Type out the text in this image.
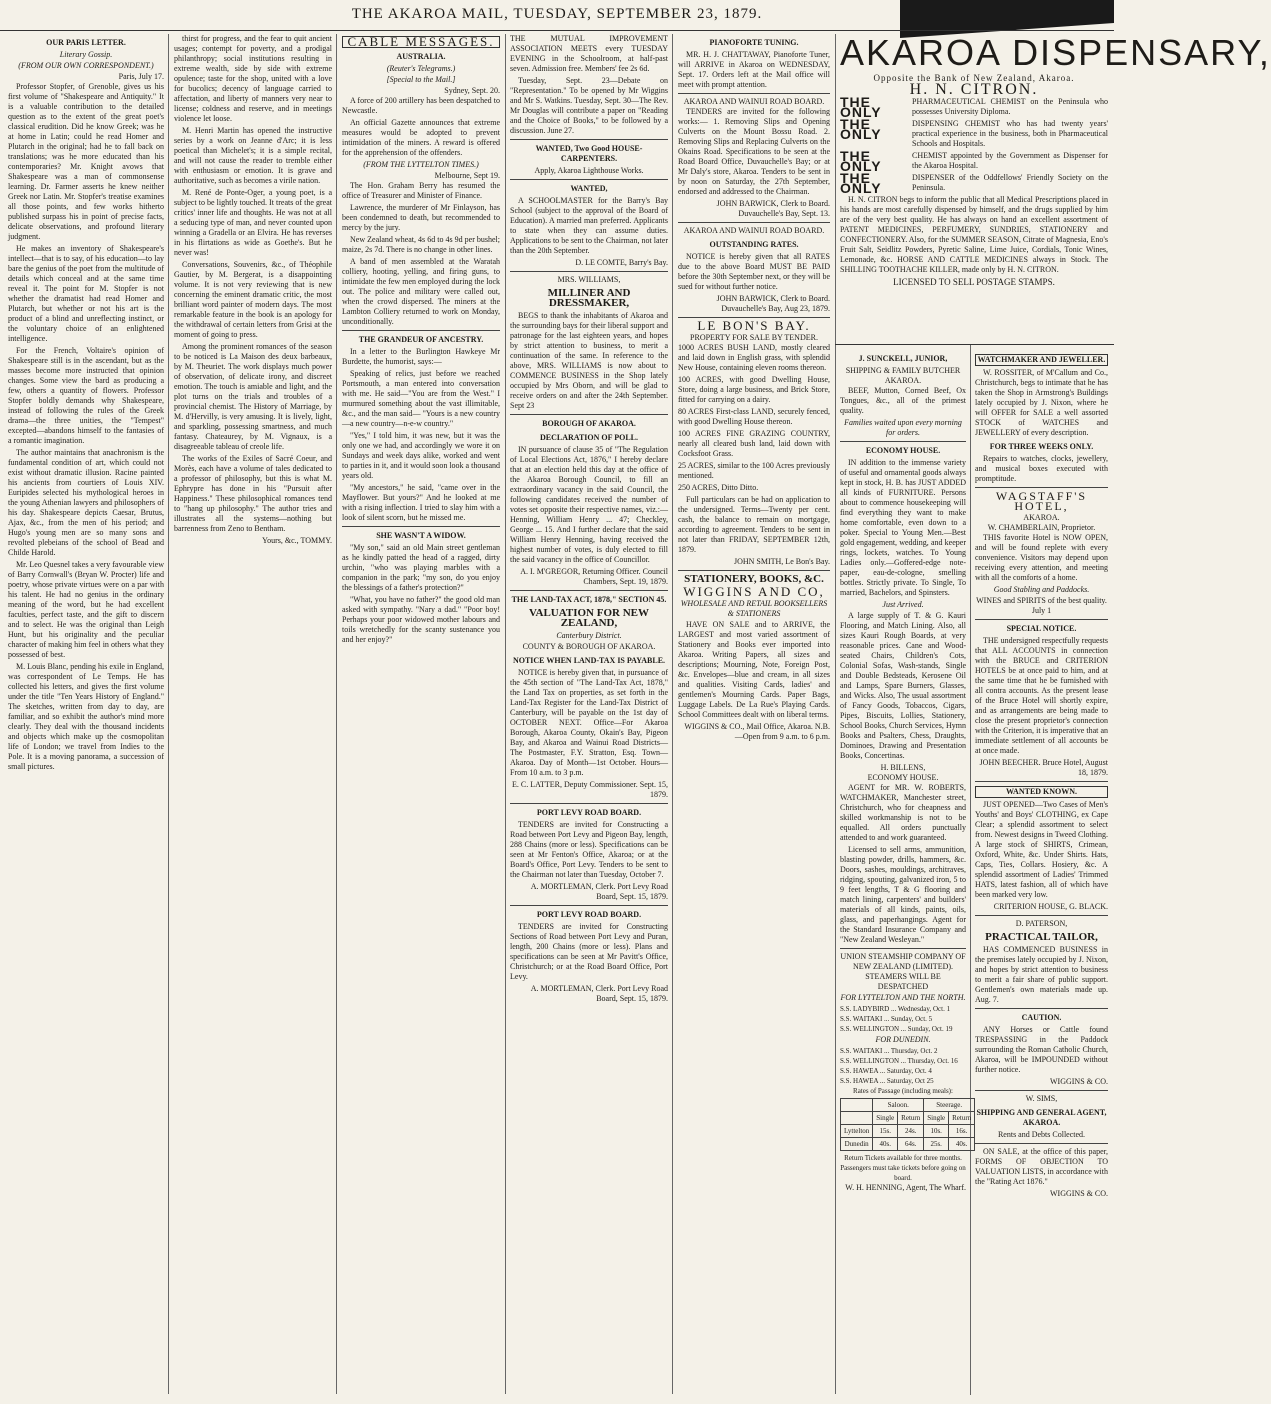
THE AKAROA MAIL, TUESDAY, SEPTEMBER 23, 1879.
OUR PARIS LETTER.
Literary Gossip.
(FROM OUR OWN CORRESPONDENT.)
Paris, July 17.

Professor Stopfer, of Grenoble, gives us his first volume of "Shakespeare and Antiquity." It is a valuable contribution to the detailed question as to the extent of the great poet's classical erudition. Did he know Greek; was he at home in Latin; could he read Homer and Plutarch in the original; had he to fall back on translations; was he more educated than his contemporaries? Mr. Knight avows that Shakespeare was a man of commonsense learning. Dr. Farmer asserts he knew neither Greek nor Latin. Mr. Stopfer's treatise examines all those points, and few works hitherto published surpass his in point of precise facts, delicate observations, and profound literary judgment.

He makes an inventory of Shakespeare's intellect—that is to say, of his education—to lay bare the genius of the poet from the multitude of details which conceal and at the same time reveal it. The point for M. Stopfer is not whether the dramatist had read Homer and Plutarch, but whether or not his art is the product of a blind and unreflecting instinct, or the voluntary choice of an enlightened intelligence.

For the French, Voltaire's opinion of Shakespeare still is in the ascendant, but as the masses become more instructed that opinion changes. Some view the bard as producing a few, others a quantity of flowers. Professor Stopfer boldly demands why Shakespeare, instead of following the rules of the Greek drama—the three unities, the "Tempest" excepted—abandons himself to the fantasies of a romantic imagination.

The author maintains that anachronism is the fundamental condition of art, which could not exist without dramatic illusion. Racine painted his ancients from courtiers of Louis XIV. Euripides selected his mythological heroes in the young Athenian lawyers and philosophers of his day. Shakespeare depicts Caesar, Brutus, Ajax, &c., from the men of his period; and Hugo's young men are so many sons and revolted plebeians of the school of Bead and Childe Harold.

Mr. Leo Quesnel takes a very favourable view of Barry Cornwall's (Bryan W. Procter) life and poetry, whose private virtues were on a par with his talent. He had no genius in the ordinary meaning of the word, but he had excellent faculties, perfect taste, and the gift to discern and to select. He was the original than Leigh Hunt, but his originality and the peculiar character of making him feel in others what they possessed of best.

M. Louis Blanc, pending his exile in England, was correspondent of Le Temps. He has collected his letters, and gives the first volume under the title "Ten Years History of England." The sketches, written from day to day, are familiar, and so exhibit the author's mind more clearly. They deal with the thousand incidents and objects which make up the cosmopolitan life of London; we travel from Indies to the Pole. It is a moving panorama, a succession of small pictures.

thirst for progress, and the fear to quit ancient usages; contempt for poverty, and a prodigal philanthropy; social institutions resulting in extreme wealth, side by side with extreme opulence; taste for the shop, united with a love for bucolics; decency of language carried to affectation, and liberty of manners very near to license; coldness and reserve, and in meetings violence let loose.

M. Henri Martin has opened the instructive series by a work on Jeanne d'Arc; it is less poetical than Michelet's; it is a simple recital, and will not cause the reader to tremble either with enthusiasm or emotion. It is grave and authoritative, such as becomes a virile nation.

M. René de Ponte-Oger, a young poet, is a subject to be lightly touched. It treats of the great critics' inner life and thoughts. He was not at all a seducing type of man, and never counted upon winning a Gradella or an Elvira. He has reverses in his flirtations as wide as Goethe's. But he never was!

Conversations, Souvenirs, &c., of Théophile Gautier, by M. Bergerat, is a disappointing volume. It is not very reviewing that is new concerning the eminent dramatic critic, the most brilliant word painter of modern days. The most remarkable feature in the book is an apology for the withdrawal of certain letters from Grisi at the moment of going to press.

Among the prominent romances of the season to be noticed is La Maison des deux barbeaux, by M. Theuriet. The work displays much power of observation, of delicate irony, and discreet emotion. The touch is amiable and light, and the plot turns on the trials and troubles of a provincial chemist. The History of Marriage, by M. d'Hervilly, is very amusing. It is lively, light, and sparkling, possessing smartness, and much fantasy. Chateaurey, by M. Vignaux, is a disagreeable tableau of creole life.

The works of the Exiles of Sacré Coeur, and Morès, each have a volume of tales dedicated to a professor of philosophy, but this is what M. Ephrypre has done in his "Pursuit after Happiness." These philosophical romances tend to "hang up philosophy." The author tries and illustrates all the systems—nothing but barrenness from Zeno to Bentham.

Yours, &c., TOMMY.
CABLE MESSAGES.
AUSTRALIA.
(Reuter's Telegrams.)
[Special to the Mail.]
Sydney, Sept. 20.

A force of 200 artillery has been despatched to Newcastle.

An official Gazette announces that extreme measures would be adopted to prevent intimidation of the miners. A reward is offered for the apprehension of the offenders.

(FROM THE LYTTELTON TIMES.)
Melbourne, Sept 19.

The Hon. Graham Berry has resumed the office of Treasurer and Minister of Finance.

Lawrence, the murderer of Mr Finlayson, has been condemned to death, but recommended to mercy by the jury.

New Zealand wheat, 4s 6d to 4s 9d per bushel; maize, 2s 7d. There is no change in other lines.

A band of men assembled at the Waratah colliery, hooting, yelling, and firing guns, to intimidate the few men employed during the lock out. The police and military were called out, when the crowd dispersed. The miners at the Lambton Colliery returned to work on Monday, unconditionally.

THE GRANDEUR OF ANCESTRY.

In a letter to the Burlington Hawkeye Mr Burdette, the humorist, says:—

Speaking of relics, just before we reached Portsmouth, a man entered into conversation with me. He said—"You are from the West." I murmured something about the vast illimitable, &c., and the man said— "Yours is a new country—a new country—n-e-w country."

"Yes," I told him, it was new, but it was the only one we had, and accordingly we wore it on Sundays and week days alike, worked and went to parties in it, and it would soon look a thousand years old.

"My ancestors," he said, "came over in the Mayflower. But yours?" And he looked at me with a rising inflection. I tried to slay him with a look of silent scorn, but he missed me.

SHE WASN'T A WIDOW.

"My son," said an old Main street gentleman as he kindly patted the head of a ragged, dirty urchin, "who was playing marbles with a companion in the park; "my son, do you enjoy the blessings of a father's protection?"

"What, you have no father?" the good old man asked with sympathy. "Nary a dad." "Poor boy! Perhaps your poor widowed mother labours and toils wretchedly for the scanty sustenance you and her enjoy?"

THE MUTUAL IMPROVEMENT ASSOCIATION MEETS every TUESDAY EVENING in the Schoolroom, at half-past seven. Admission free. Members' fee 2s 6d.

Tuesday, Sept. 23—Debate on "Representation." To be opened by Mr Wiggins and Mr S. Watkins. Tuesday, Sept. 30—The Rev. Mr Douglas will contribute a paper on "Reading and the Choice of Books," to be followed by a discussion. June 27.

WANTED, Two Good HOUSE-CARPENTERS.
Apply, Akaroa Lighthouse Works.
WANTED,

A SCHOOLMASTER for the Barry's Bay School (subject to the approval of the Board of Education). A married man preferred. Applicants to state when they can assume duties. Applications to be sent to the Chairman, not later than the 20th September.

D. LE COMTE, Barry's Bay.
MRS. WILLIAMS,
MILLINER AND DRESSMAKER,

BEGS to thank the inhabitants of Akaroa and the surrounding bays for their liberal support and patronage for the last eighteen years, and hopes by strict attention to business, to merit a continuation of the same. In reference to the above, MRS. WILLIAMS is now about to COMMENCE BUSINESS in the Shop lately occupied by Mrs Oborn, and will be glad to receive orders on and after the 24th September. Sept 23

BOROUGH OF AKAROA.
DECLARATION OF POLL.

IN pursuance of clause 35 of "The Regulation of Local Elections Act, 1876," I hereby declare that at an election held this day at the office of the Akaroa Borough Council, to fill an extraordinary vacancy in the said Council, the following candidates received the number of votes set opposite their respective names, viz.:— Henning, William Henry ... 47; Checkley, George ... 15. And I further declare that the said William Henry Henning, having received the highest number of votes, is duly elected to fill the said vacancy in the office of Councillor.

A. I. M'GREGOR, Returning Officer. Council Chambers, Sept. 19, 1879.
THE LAND-TAX ACT, 1878," SECTION 45.
VALUATION FOR NEW ZEALAND,
Canterbury District.
COUNTY & BOROUGH OF AKAROA.
NOTICE WHEN LAND-TAX IS PAYABLE.

NOTICE is hereby given that, in pursuance of the 45th section of "The Land-Tax Act, 1878," the Land Tax on properties, as set forth in the Land-Tax Register for the Land-Tax District of Canterbury, will be payable on the 1st day of OCTOBER NEXT. Office—For Akaroa Borough, Akaroa County, Okain's Bay, Pigeon Bay, and Akaroa and Wainui Road Districts—The Postmaster, F.Y. Stratton, Esq. Town—Akaroa. Day of Month—1st October. Hours—From 10 a.m. to 3 p.m.

E. C. LATTER, Deputy Commissioner. Sept. 15, 1879.
PORT LEVY ROAD BOARD.

TENDERS are invited for Constructing a Road between Port Levy and Pigeon Bay, length, 288 Chains (more or less). Specifications can be seen at Mr Fenton's Office, Akaroa; or at the Board's Office, Port Levy. Tenders to be sent to the Chairman not later than Tuesday, October 7.

A. MORTLEMAN, Clerk. Port Levy Road Board, Sept. 15, 1879.
PORT LEVY ROAD BOARD.

TENDERS are invited for Constructing Sections of Road between Port Levy and Puran, length, 200 Chains (more or less). Plans and specifications can be seen at Mr Pavitt's Office, Christchurch; or at the Road Board Office, Port Levy.

A. MORTLEMAN, Clerk. Port Levy Road Board, Sept. 15, 1879.
PIANOFORTE TUNING.

MR. H. J. CHATTAWAY, Pianoforte Tuner, will ARRIVE in Akaroa on WEDNESDAY, Sept. 17. Orders left at the Mail office will meet with prompt attention.

AKAROA AND WAINUI ROAD BOARD.

TENDERS are invited for the following works:— 1. Removing Slips and Opening Culverts on the Mount Bossu Road. 2. Removing Slips and Replacing Culverts on the Okains Road. Specifications to be seen at the Road Board Office, Duvauchelle's Bay; or at Mr Daly's store, Akaroa. Tenders to be sent in by noon on Saturday, the 27th September, endorsed and addressed to the Chairman.

JOHN BARWICK, Clerk to Board. Duvauchelle's Bay, Sept. 13.
AKAROA AND WAINUI ROAD BOARD.
OUTSTANDING RATES.

NOTICE is hereby given that all RATES due to the above Board MUST BE PAID before the 30th September next, or they will be sued for without further notice.

JOHN BARWICK, Clerk to Board. Duvauchelle's Bay, Aug 23, 1879.
LE BON'S BAY.
PROPERTY FOR SALE BY TENDER.

1000 ACRES BUSH LAND, mostly cleared and laid down in English grass, with splendid New House, containing eleven rooms thereon.

100 ACRES, with good Dwelling House, Store, doing a large business, and Brick Store, fitted for carrying on a dairy.

80 ACRES First-class LAND, securely fenced, with good Dwelling House thereon.

100 ACRES FINE GRAZING COUNTRY, nearly all cleared bush land, laid down with Cocksfoot Grass.

25 ACRES, similar to the 100 Acres previously mentioned.

250 ACRES, Ditto Ditto.

Full particulars can be had on application to the undersigned. Terms—Twenty per cent. cash, the balance to remain on mortgage, according to agreement. Tenders to be sent in not later than FRIDAY, SEPTEMBER 12th, 1879.

JOHN SMITH, Le Bon's Bay.
STATIONERY, BOOKS, &C.
WIGGINS AND CO,
WHOLESALE AND RETAIL BOOKSELLERS & STATIONERS

HAVE ON SALE and to ARRIVE, the LARGEST and most varied assortment of Stationery and Books ever imported into Akaroa. Writing Papers, all sizes and descriptions; Mourning, Note, Foreign Post, &c. Envelopes—blue and cream, in all sizes and qualities. Visiting Cards, ladies' and gentlemen's Mourning Cards. Paper Bags, Luggage Labels. De La Rue's Playing Cards. School Committees dealt with on liberal terms.

WIGGINS & CO., Mail Office, Akaroa. N.B.—Open from 9 a.m. to 6 p.m.
AKAROA DISPENSARY,
Opposite the Bank of New Zealand, Akaroa.
H. N. CITRON.
THE ONLY
PHARMACEUTICAL CHEMIST on the Peninsula who possesses University Diploma.
THE ONLY
DISPENSING CHEMIST who has had twenty years' practical experience in the business, both in Pharmaceutical Schools and Hospitals.
THE ONLY
CHEMIST appointed by the Government as Dispenser for the Akaroa Hospital.
THE ONLY
DISPENSER of the Oddfellows' Friendly Society on the Peninsula.

H. N. CITRON begs to inform the public that all Medical Prescriptions placed in his hands are most carefully dispensed by himself, and the drugs supplied by him are of the very best quality. He has always on hand an excellent assortment of PATENT MEDICINES, PERFUMERY, SUNDRIES, STATIONERY and CONFECTIONERY. Also, for the SUMMER SEASON, Citrate of Magnesia, Eno's Fruit Salt, Seidlitz Powders, Pyretic Saline, Lime Juice, Cordials, Tonic Wines, Lemonade, &c. HORSE AND CATTLE MEDICINES always in Stock. The SHILLING TOOTHACHE KILLER, made only by H. N. CITRON.

LICENSED TO SELL POSTAGE STAMPS.
J. SUNCKELL, JUNIOR,
SHIPPING & FAMILY BUTCHER AKAROA.

BEEF, Mutton, Corned Beef, Ox Tongues, &c., all of the primest quality.

Families waited upon every morning for orders.
ECONOMY HOUSE.

IN addition to the immense variety of useful and ornamental goods always kept in stock, H. B. has JUST ADDED all kinds of FURNITURE. Persons about to commence housekeeping will find everything they want to make home comfortable, even down to a poker. Special to Young Men.—Best gold engagement, wedding, and keeper rings, lockets, watches. To Young Ladies only.—Goffered-edge note-paper, eau-de-cologne, smelling bottles. Strictly private. To Single, To married, Bachelors, and Spinsters.

Just Arrived.

A large supply of T. & G. Kauri Flooring, and Match Lining. Also, all sizes Kauri Rough Boards, at very reasonable prices. Cane and Wood-seated Chairs, Children's Cots, Colonial Sofas, Wash-stands, Single and Double Bedsteads, Kerosene Oil and Lamps, Spare Burners, Glasses, and Wicks. Also, The usual assortment of Fancy Goods, Tobaccos, Cigars, Pipes, Biscuits, Lollies, Stationery, School Books, Church Services, Hymn Books and Psalters, Chess, Draughts, Dominoes, Drawing and Presentation Books, Concertinas.

H. BILLENS,
ECONOMY HOUSE.

AGENT for MR. W. ROBERTS, WATCHMAKER, Manchester street, Christchurch, who for cheapness and skilled workmanship is not to be equalled. All orders punctually attended to and work guaranteed.

Licensed to sell arms, ammunition, blasting powder, drills, hammers, &c. Doors, sashes, mouldings, architraves, ridging, spouting, galvanized iron, 5 to 9 feet lengths, T & G flooring and match lining, carpenters' and builders' materials of all kinds, paints, oils, glass, and paperhangings. Agent for the Standard Insurance Company and "New Zealand Wesleyan."

UNION STEAMSHIP COMPANY OF NEW ZEALAND (LIMITED).
STEAMERS WILL BE DESPATCHED
FOR LYTTELTON AND THE NORTH.
S.S. LADYBIRD ... Wednesday, Oct. 1
S.S. WAITAKI ... Sunday, Oct. 5
S.S. WELLINGTON ... Sunday, Oct. 19
FOR DUNEDIN.
S.S. WAITAKI ... Thursday, Oct. 2
S.S. WELLINGTON ... Thursday, Oct. 16
S.S. HAWEA ... Saturday, Oct. 4
S.S. HAWEA ... Saturday, Oct 25
Rates of Passage (including meals):
	Saloon.		Steerage.	
	Single	Return	Single	Return
Lyttelton	15s.	24s.	10s.	16s.
Dunedin	40s.	64s.	25s.	40s.
Return Tickets available for three months.
Passengers must take tickets before going on board.
W. H. HENNING, Agent, The Wharf.
WATCHMAKER AND JEWELLER.

W. ROSSITER, of M'Callum and Co., Christchurch, begs to intimate that he has taken the Shop in Armstrong's Buildings lately occupied by J. Nixon, where he will OFFER for SALE a well assorted STOCK of WATCHES and JEWELLERY of every description.

FOR THREE WEEKS ONLY.

Repairs to watches, clocks, jewellery, and musical boxes executed with promptitude.

WAGSTAFF'S HOTEL,
AKAROA.
W. CHAMBERLAIN, Proprietor.

THIS favorite Hotel is NOW OPEN, and will be found replete with every convenience. Visitors may depend upon receiving every attention, and meeting with all the comforts of a home.

Good Stabling and Paddocks.
WINES and SPIRITS of the best quality. July 1
SPECIAL NOTICE.

THE undersigned respectfully requests that ALL ACCOUNTS in connection with the BRUCE and CRITERION HOTELS be at once paid to him, and at the same time that he be furnished with all contra accounts. As the present lease of the Bruce Hotel will shortly expire, and as arrangements are being made to close the present proprietor's connection with the Criterion, it is imperative that an immediate settlement of all accounts be at once made.

JOHN BEECHER. Bruce Hotel, August 18, 1879.
WANTED KNOWN.

JUST OPENED—Two Cases of Men's Youths' and Boys' CLOTHING, ex Cape Clear; a splendid assortment to select from. Newest designs in Tweed Clothing. A large stock of SHIRTS, Crimean, Oxford, White, &c. Under Shirts. Hats, Caps, Ties, Collars. Hosiery, &c. A splendid assortment of Ladies' Trimmed HATS, latest fashion, all of which have been marked very low.

CRITERION HOUSE, G. BLACK.
D. PATERSON,
PRACTICAL TAILOR,

HAS COMMENCED BUSINESS in the premises lately occupied by J. Nixon, and hopes by strict attention to business to merit a fair share of public support. Gentlemen's own materials made up. Aug. 7.

CAUTION.

ANY Horses or Cattle found TRESPASSING in the Paddock surrounding the Roman Catholic Church, Akaroa, will be IMPOUNDED without further notice.

WIGGINS & CO.
W. SIMS,
SHIPPING AND GENERAL AGENT, AKAROA.
Rents and Debts Collected.

ON SALE, at the office of this paper, FORMS OF OBJECTION TO VALUATION LISTS, in accordance with the "Rating Act 1876."

WIGGINS & CO.
